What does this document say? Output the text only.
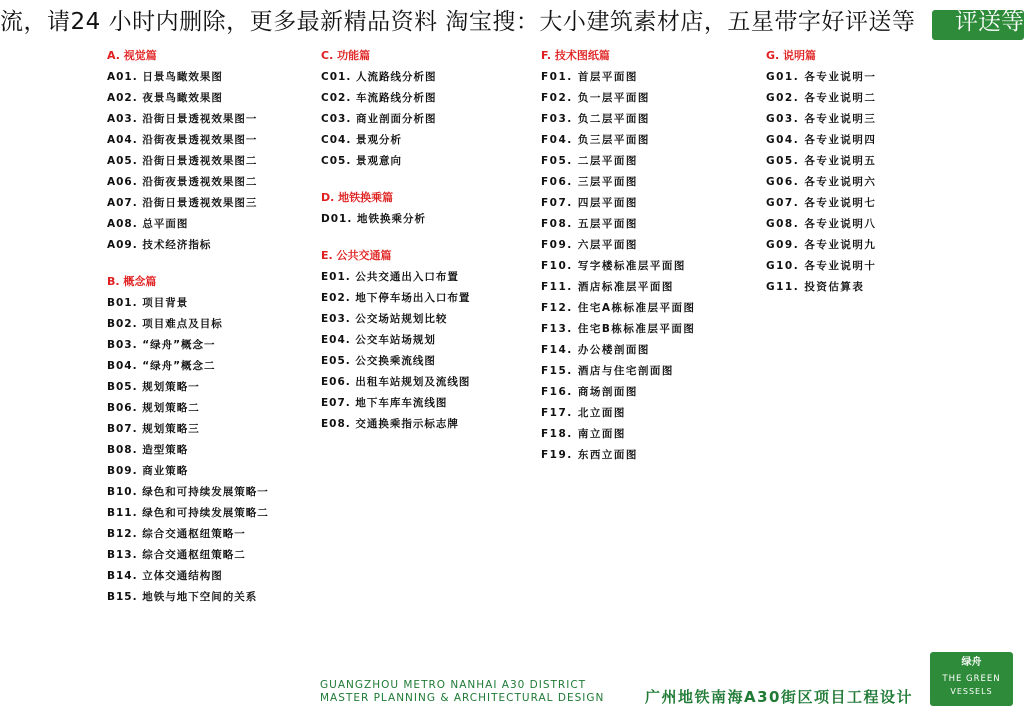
流，请24 小时内删除，更多最新精品资料 淘宝搜：大小建筑素材店，五星带字好评送等	评送等
A. 视觉篇
A01. 日景鸟瞰效果图
A02. 夜景鸟瞰效果图
A03. 沿街日景透视效果图一
A04. 沿街夜景透视效果图一
A05. 沿街日景透视效果图二
A06. 沿街夜景透视效果图二
A07. 沿街日景透视效果图三
A08. 总平面图
A09. 技术经济指标
B. 概念篇
B01. 项目背景
B02. 项目难点及目标
B03. “绿舟”概念一
B04. “绿舟”概念二
B05. 规划策略一
B06. 规划策略二
B07. 规划策略三
B08. 造型策略
B09. 商业策略
B10. 绿色和可持续发展策略一
B11. 绿色和可持续发展策略二
B12. 综合交通枢纽策略一
B13. 综合交通枢纽策略二
B14. 立体交通结构图
B15. 地铁与地下空间的关系
C. 功能篇
C01. 人流路线分析图
C02. 车流路线分析图
C03. 商业剖面分析图
C04. 景观分析
C05. 景观意向
D. 地铁换乘篇
D01. 地铁换乘分析
E. 公共交通篇
E01. 公共交通出入口布置
E02. 地下停车场出入口布置
E03. 公交场站规划比较
E04. 公交车站场规划
E05. 公交换乘流线图
E06. 出租车站规划及流线图
E07. 地下车库车流线图
E08. 交通换乘指示标志牌
F. 技术图纸篇
F01. 首层平面图
F02. 负一层平面图
F03. 负二层平面图
F04. 负三层平面图
F05. 二层平面图
F06. 三层平面图
F07. 四层平面图
F08. 五层平面图
F09. 六层平面图
F10. 写字楼标准层平面图
F11. 酒店标准层平面图
F12. 住宅A栋标准层平面图
F13. 住宅B栋标准层平面图
F14. 办公楼剖面图
F15. 酒店与住宅剖面图
F16. 商场剖面图
F17. 北立面图
F18. 南立面图
F19. 东西立面图
G. 说明篇
G01. 各专业说明一
G02. 各专业说明二
G03. 各专业说明三
G04. 各专业说明四
G05. 各专业说明五
G06. 各专业说明六
G07. 各专业说明七
G08. 各专业说明八
G09. 各专业说明九
G10. 各专业说明十
G11. 投资估算表
GUANGZHOU METRO NANHAI A30 DISTRICT
MASTER PLANNING & ARCHITECTURAL DESIGN	广州地铁南海A30街区项目工程设计
绿舟
THE GREEN
VESSELS
